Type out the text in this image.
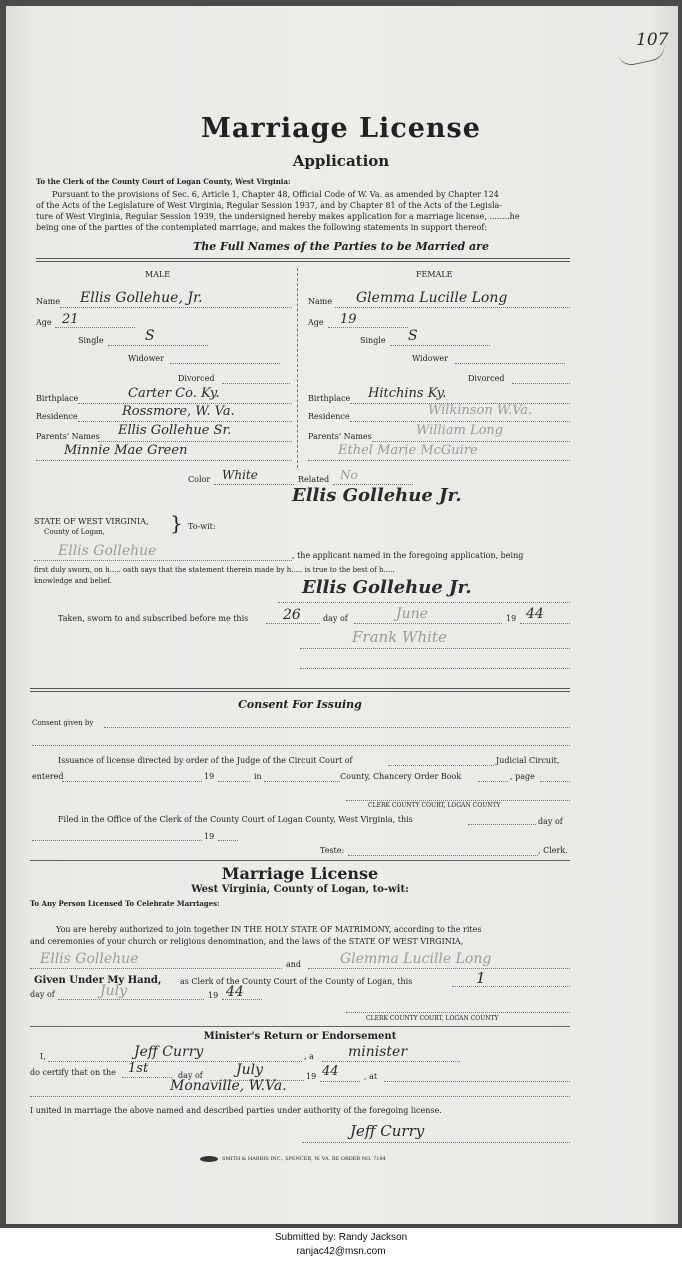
107
Marriage License
Application
To the Clerk of the County Court of Logan County, West Virginia:
Pursuant to the provisions of Sec. 6, Article 1, Chapter 48, Official Code of W. Va. as amended by Chapter 124
of the Acts of the Legislature of West Virginia, Regular Session 1937, and by Chapter 81 of the Acts of the Legisla-
ture of West Virginia, Regular Session 1939, the undersigned hereby makes application for a marriage license, ........he
being one of the parties of the contemplated marriage, and makes the following statements in support thereof:
The Full Names of the Parties to be Married are
MALE
Name Ellis Gollehue, Jr.
Age 21
Single	S
Widower
Divorced
Birthplace	Carter Co. Ky.
Residence	Rossmore, W. Va.
Parents' Names Ellis Gollehue Sr.
Minnie Mae Green
FEMALE
Name Glemma Lucille Long
Age 19
Single S
Widower
Divorced
Birthplace Hitchins Ky.
Residence	Wilkinson W.Va.
Parents' Names	William Long
Ethel Marie McGuire
Color White	Related No
Ellis Gollehue Jr.
STATE OF WEST VIRGINIA,
County of Logan,	} To-wit:
Ellis Gollehue	, the applicant named in the foregoing application, being
first duly sworn, on h..... oath says that the statement therein made by h..... is true to the best of h.....
knowledge and belief.	Ellis Gollehue Jr.
Taken, sworn to and subscribed before me this 26	day of	June	19 44
Frank White
Consent For Issuing
Consent given by
Issuance of license directed by order of the Judge of the Circuit Court of	Judicial Circuit,
entered	19	in	County, Chancery Order Book	, page
CLERK COUNTY COURT, LOGAN COUNTY
Filed in the Office of the Clerk of the County Court of Logan County, West Virginia, this	day of
19
Teste:	, Clerk.
Marriage License
West Virginia, County of Logan, to-wit:
To Any Person Licensed To Celebrate Marriages:
You are hereby authorized to join together IN THE HOLY STATE OF MATRIMONY, according to the rites
and ceremonies of your church or religious denomination, and the laws of the STATE OF WEST VIRGINIA,
Ellis Gollehue	and	Glemma Lucille Long
Given Under My Hand, as Clerk of the County Court of the County of Logan, this	1
day of	July	19 44
CLERK COUNTY COURT, LOGAN COUNTY
Minister's Return or Endorsement
I,	Jeff Curry	, a minister
do certify that on the 1st	day of July	19 44	, at
Monaville, W.Va.
I united in marriage the above named and described parties under authority of the foregoing license.
Jeff Curry
SMITH & HARRIS INC., SPENCER, W. VA. RE ORDER NO. 7184
Submitted by: Randy Jackson
ranjac42@msn.com
